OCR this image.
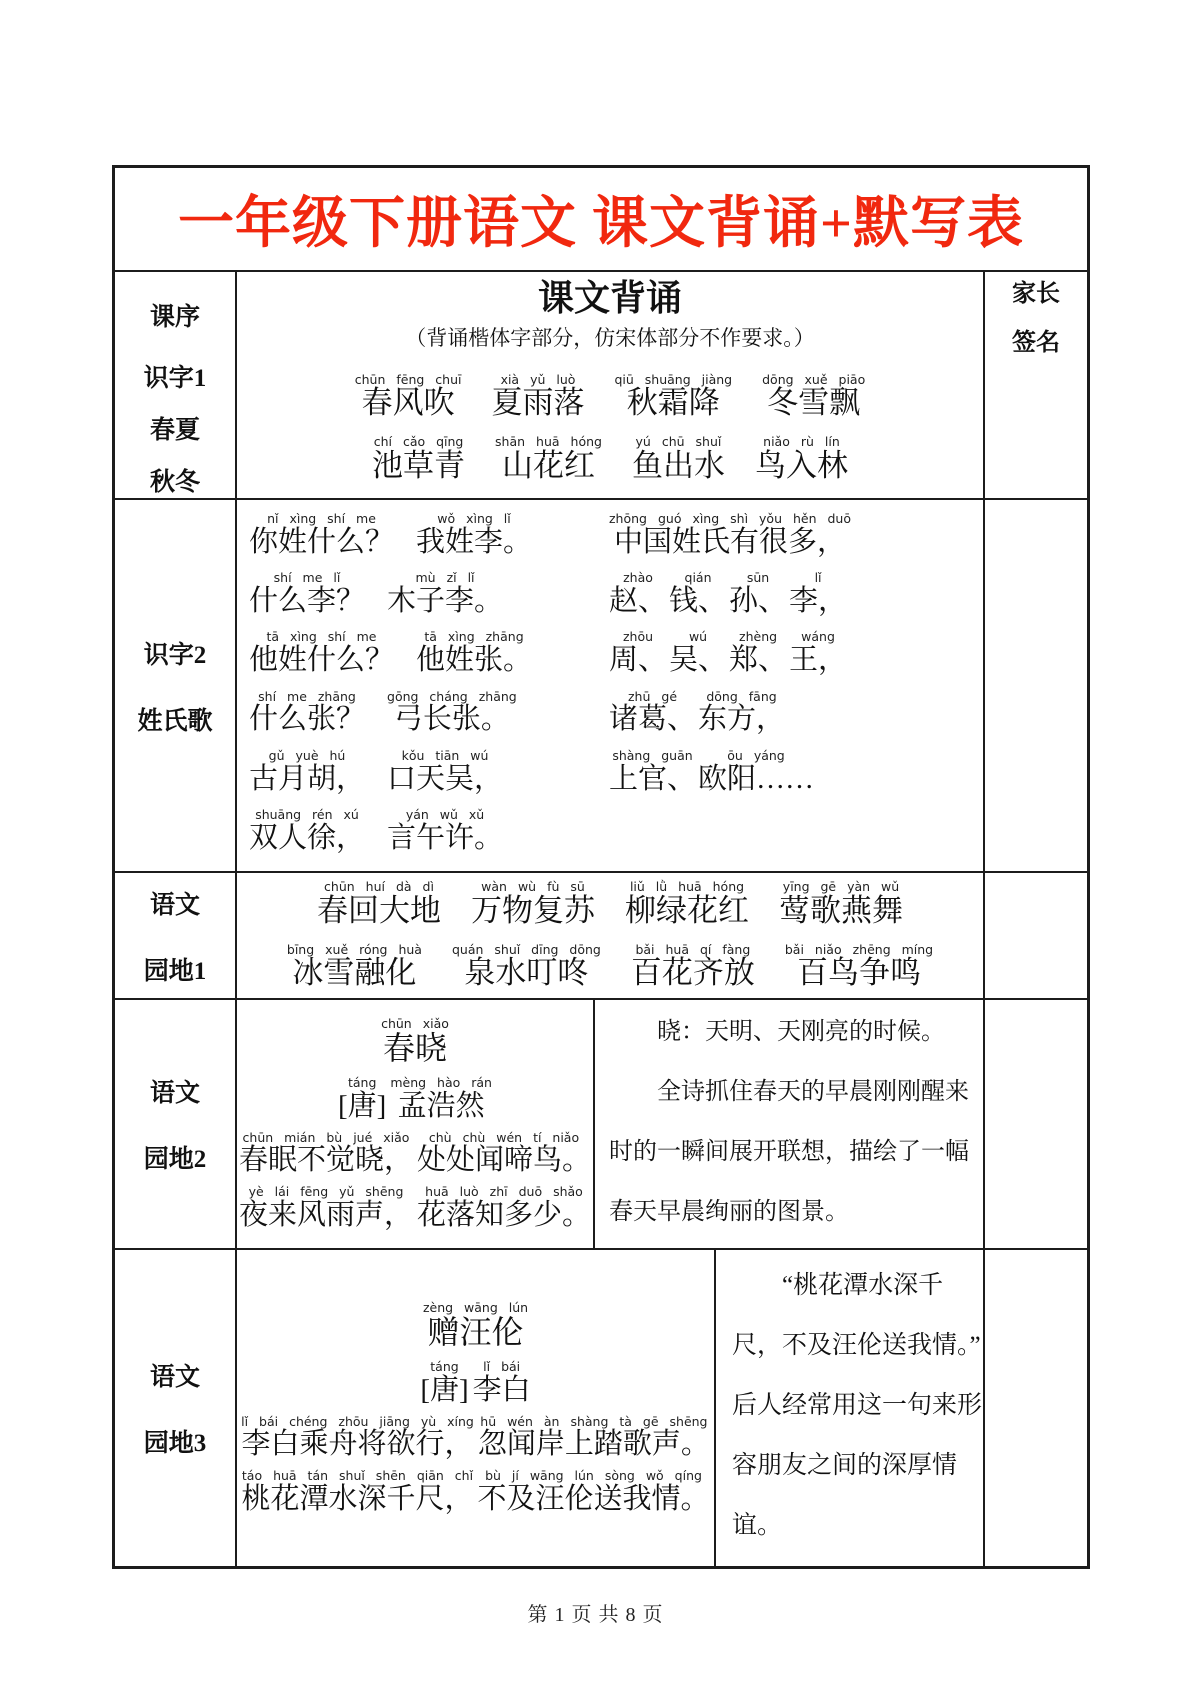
一年级下册语文 课文背诵+默写表
课序	课文背诵
（背诵楷体字部分，仿宋体部分不作要求。）
家长
签名
识字1
春夏
秋冬
chūn fēng chuī
春风吹
xià yǔ luò
夏雨落
qiū shuāng jiàng
秋霜降
dōng xuě piāo
冬雪飘
chí cǎo qīng
池草青
shān huā hóng
山花红
yú chū shuǐ
鱼出水
niǎo rù lín
鸟入林
识字2
姓氏歌
nǐ xìng shí me
你姓什么？
wǒ xìng lǐ
我姓李。
shí me lǐ
什么李？
mù zǐ lǐ
木子李。
tā xìng shí me
他姓什么？
tā xìng zhāng
他姓张。
shí me zhāng
什么张？
gōng cháng zhāng
弓长张。
gǔ yuè hú
古月胡，
kǒu tiān wú
口天吴，
shuāng rén xú
双人徐，
yán wǔ xǔ
言午许。
zhōng guó xìng shì yǒu hěn duō
中国姓氏有很多，
zhào
赵、
qián
钱、
sūn
孙、
lǐ
李，
zhōu
周、
wú
吴、
zhèng
郑、
wáng
王，
zhū gé
诸葛、
dōng fāng
东方，
shàng guān
上官、
ōu yáng
欧阳……
语文
园地1
chūn huí dà dì
春回大地
wàn wù fù sū
万物复苏
liǔ lǜ huā hóng
柳绿花红
yīng gē yàn wǔ
莺歌燕舞
bīng xuě róng huà
冰雪融化
quán shuǐ dīng dōng
泉水叮咚
bǎi huā qí fàng
百花齐放
bǎi niǎo zhēng míng
百鸟争鸣
语文
园地2
chūn xiǎo
春晓
táng
[唐]
mèng hào rán
孟浩然
chūn mián bù jué xiǎo
春眠不觉晓，
chù chù wén tí niǎo
处处闻啼鸟。
yè lái fēng yǔ shēng
夜来风雨声，
huā luò zhī duō shǎo
花落知多少。
晓：天明、天刚亮的时候。
全诗抓住春天的早晨刚刚醒来
时的一瞬间展开联想，描绘了一幅
春天早晨绚丽的图景。
语文
园地3
zèng wāng lún
赠汪伦
táng
[唐]
lǐ bái
李白
lǐ bái chéng zhōu jiāng yù xíng
李白乘舟将欲行，
hū wén àn shàng tà gē shēng
忽闻岸上踏歌声。
táo huā tán shuǐ shēn qiān chǐ
桃花潭水深千尺，
bù jí wāng lún sòng wǒ qíng
不及汪伦送我情。
“桃花潭水深千
尺，不及汪伦送我情。”
后人经常用这一句来形
容朋友之间的深厚情
谊。
第 1 页 共 8 页
